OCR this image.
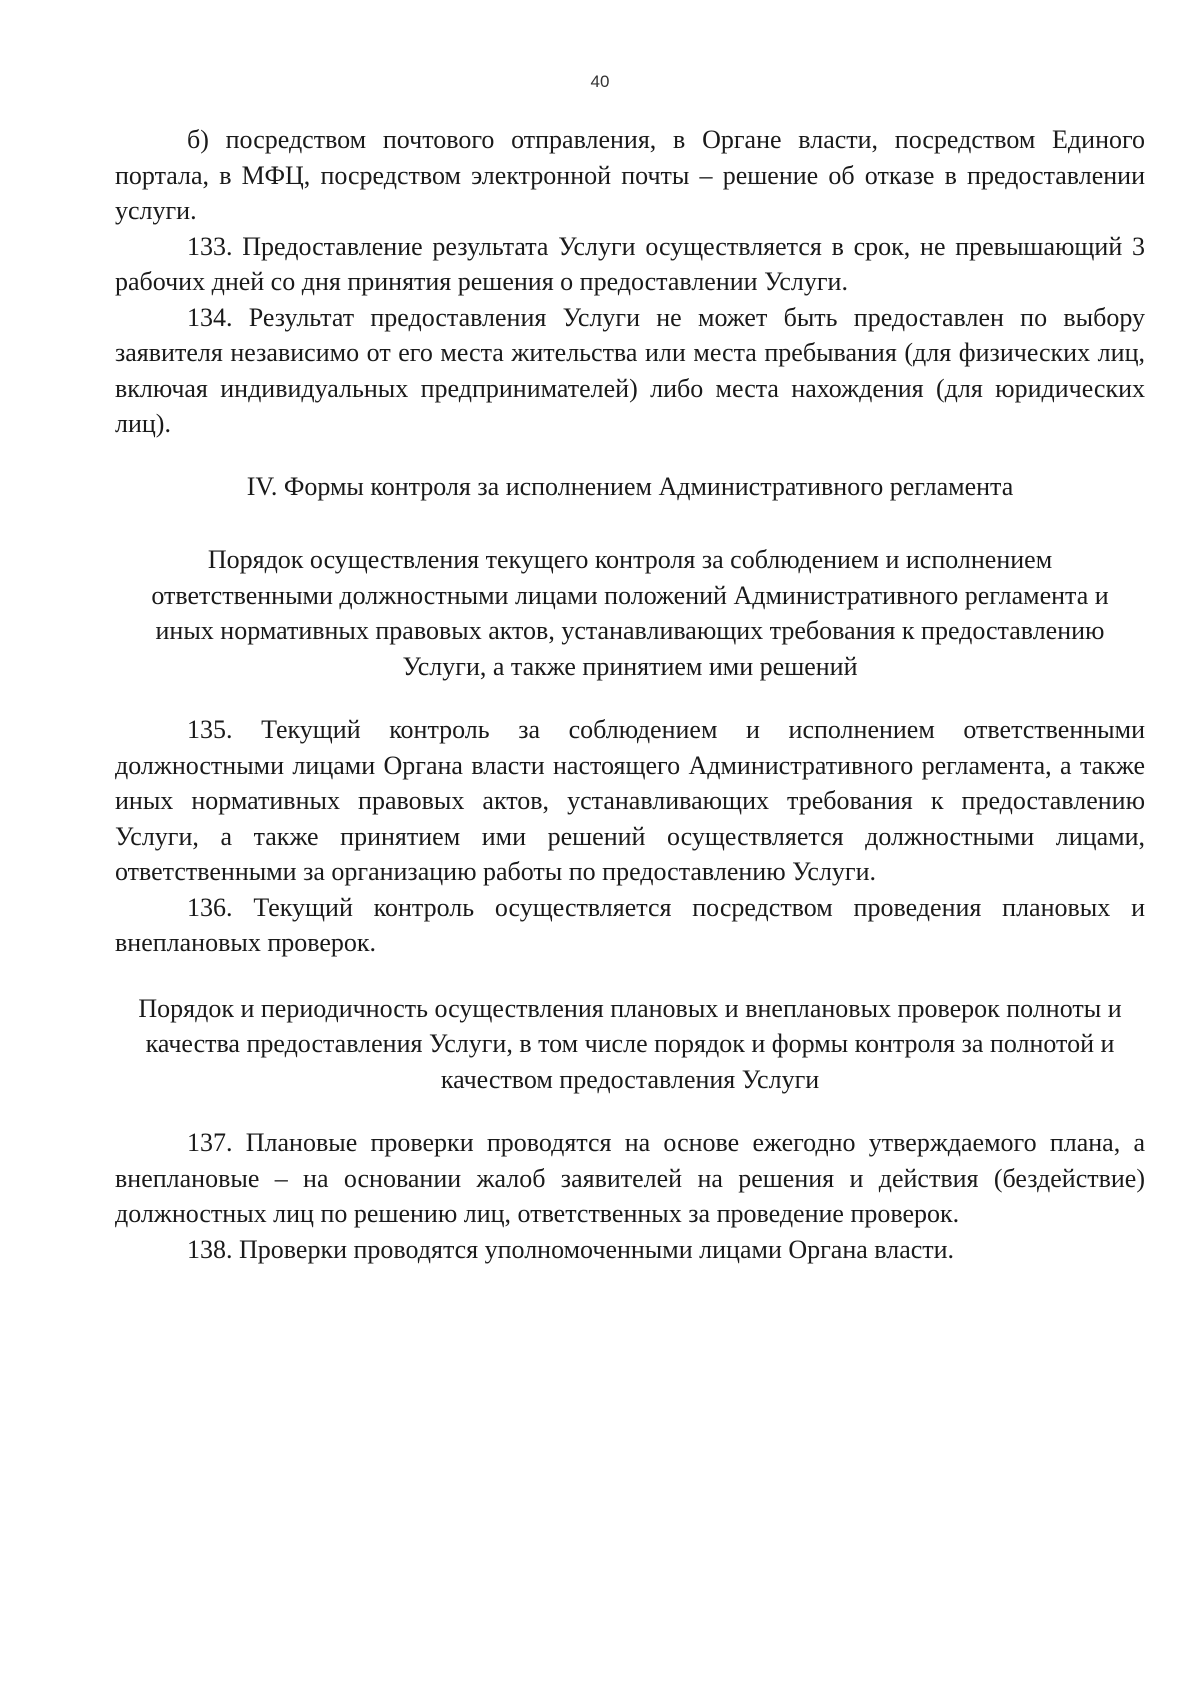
40

б) посредством почтового отправления, в Органе власти, посредством Единого портала, в МФЦ, посредством электронной почты – решение об отказе в предоставлении услуги.

133. Предоставление результата Услуги осуществляется в срок, не превышающий 3 рабочих дней со дня принятия решения о предоставлении Услуги.

134. Результат предоставления Услуги не может быть предоставлен по выбору заявителя независимо от его места жительства или места пребывания (для физических лиц, включая индивидуальных предпринимателей) либо места нахождения (для юридических лиц).

IV. Формы контроля за исполнением Административного регламента
Порядок осуществления текущего контроля за соблюдением и исполнением ответственными должностными лицами положений Административного регламента и иных нормативных правовых актов, устанавливающих требования к предоставлению Услуги, а также принятием ими решений

135. Текущий контроль за соблюдением и исполнением ответственными должностными лицами Органа власти настоящего Административного регламента, а также иных нормативных правовых актов, устанавливающих требования к предоставлению Услуги, а также принятием ими решений осуществляется должностными лицами, ответственными за организацию работы по предоставлению Услуги.

136. Текущий контроль осуществляется посредством проведения плановых и внеплановых проверок.

Порядок и периодичность осуществления плановых и внеплановых проверок полноты и качества предоставления Услуги, в том числе порядок и формы контроля за полнотой и качеством предоставления Услуги

137. Плановые проверки проводятся на основе ежегодно утверждаемого плана, а внеплановые – на основании жалоб заявителей на решения и действия (бездействие) должностных лиц по решению лиц, ответственных за проведение проверок.

138. Проверки проводятся уполномоченными лицами Органа власти.
